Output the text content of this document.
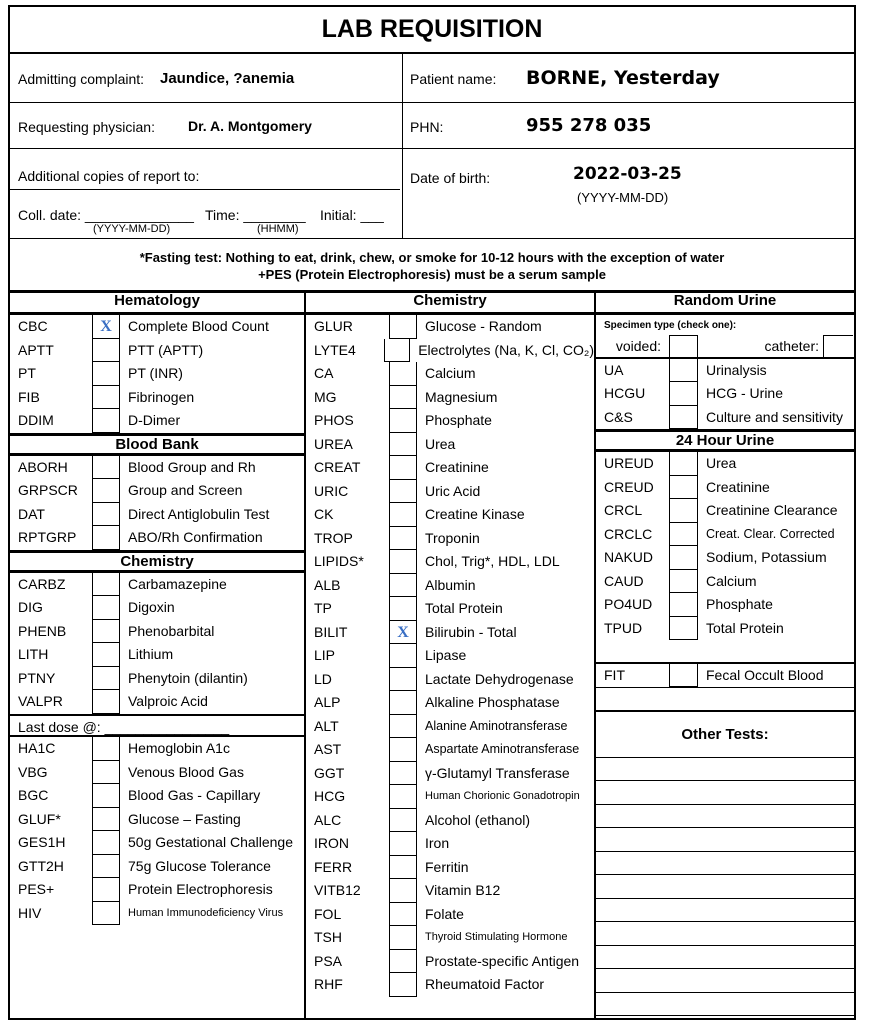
LAB REQUISITION
Admitting complaint: Jaundice, ?anemia	Patient name: BORNE, Yesterday
Requesting physician: Dr. A. Montgomery	PHN:	955 278 035
Additional copies of report to:	Date of birth:	2022-03-25
(YYYY-MM-DD)
Coll. date: ______________
(YYYY-MM-DD)
Time: ________
(HHMM)
Initial: ___
*Fasting test: Nothing to eat, drink, chew, or smoke for 10-12 hours with the exception of water
+PES (Protein Electrophoresis) must be a serum sample
Hematology
CBC	X	Complete Blood Count
APTT	PTT (APTT)
PT	PT (INR)
FIB	Fibrinogen
DDIM	D-Dimer
Blood Bank
ABORH	Blood Group and Rh
GRPSCR	Group and Screen
DAT	Direct Antiglobulin Test
RPTGRP	ABO/Rh Confirmation
Chemistry
CARBZ	Carbamazepine
DIG	Digoxin
PHENB	Phenobarbital
LITH	Lithium
PTNY	Phenytoin (dilantin)
VALPR	Valproic Acid
Last dose @: ________________
HA1C	Hemoglobin A1c
VBG	Venous Blood Gas
BGC	Blood Gas - Capillary
GLUF*	Glucose – Fasting
GES1H	50g Gestational Challenge
GTT2H	75g Glucose Tolerance
PES+	Protein Electrophoresis
HIV	Human Immunodeficiency Virus
Chemistry
GLUR	Glucose - Random
LYTE4	Electrolytes (Na, K, Cl, CO₂)
CA	Calcium
MG	Magnesium
PHOS	Phosphate
UREA	Urea
CREAT	Creatinine
URIC	Uric Acid
CK	Creatine Kinase
TROP	Troponin
LIPIDS*	Chol, Trig*, HDL, LDL
ALB	Albumin
TP	Total Protein
BILIT	X	Bilirubin - Total
LIP	Lipase
LD	Lactate Dehydrogenase
ALP	Alkaline Phosphatase
ALT	Alanine Aminotransferase
AST	Aspartate Aminotransferase
GGT	γ-Glutamyl Transferase
HCG	Human Chorionic Gonadotropin
ALC	Alcohol (ethanol)
IRON	Iron
FERR	Ferritin
VITB12	Vitamin B12
FOL	Folate
TSH	Thyroid Stimulating Hormone
PSA	Prostate-specific Antigen
RHF	Rheumatoid Factor
Random Urine
Specimen type (check one):
voided:	catheter:
UA	Urinalysis
HCGU	HCG - Urine
C&S	Culture and sensitivity
24 Hour Urine
UREUD	Urea
CREUD	Creatinine
CRCL	Creatinine Clearance
CRCLC	Creat. Clear. Corrected
NAKUD	Sodium, Potassium
CAUD	Calcium
PO4UD	Phosphate
TPUD	Total Protein
FIT	Fecal Occult Blood
Other Tests:
